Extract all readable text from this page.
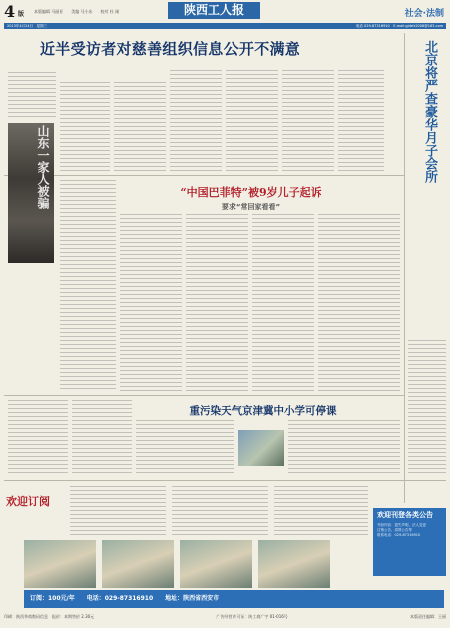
4 版 本版编辑 马丽亚　　美编 马小东　　校对 杜 刚	陕西工人报	社会·法制
2013年4月24日　星期三	电话 029-87316910　E-mail:gjrbfz2008@163.com
近半受访者对慈善组织信息公开不满意	北京将严查豪华月子会所
山东一家人被骗	“中国巴菲特”被9岁儿子起诉
要求“常回家看看”
重污染天气京津冀中小学可停课
欢迎订阅
欢迎刊登各类公告
刊登内容：遗失声明、法人变更
注销公告、清算公告等
联系电话：029-87316910
订阅：100元/年　　电话：029-87316910　　地址：陕西省西安市
印刷：陕西华商数码信息　报价：本期售价 2.30元	广告经营许可证：陕工商广字 01-016号	本版责任编辑：王丽
